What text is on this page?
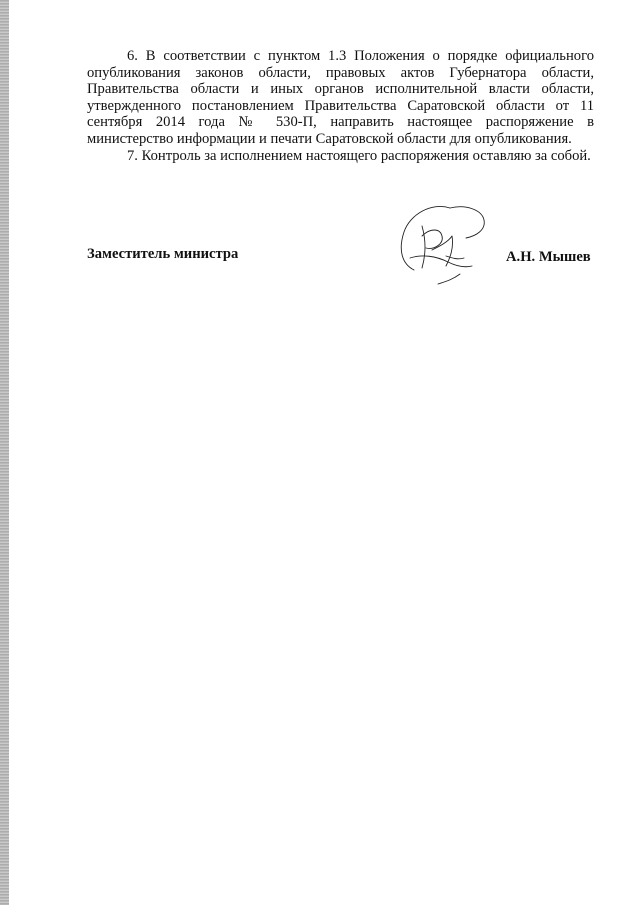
6. В соответствии с пунктом 1.3 Положения о порядке официального опубликования законов области, правовых актов Губернатора области, Правительства области и иных органов исполнительной власти области, утвержденного постановлением Правительства Саратовской области от 11 сентября 2014 года № 530-П, направить настоящее распоряжение в министерство информации и печати Саратовской области для опубликования.

7. Контроль за исполнением настоящего распоряжения оставляю за собой.

Заместитель министра	А.Н. Мышев
